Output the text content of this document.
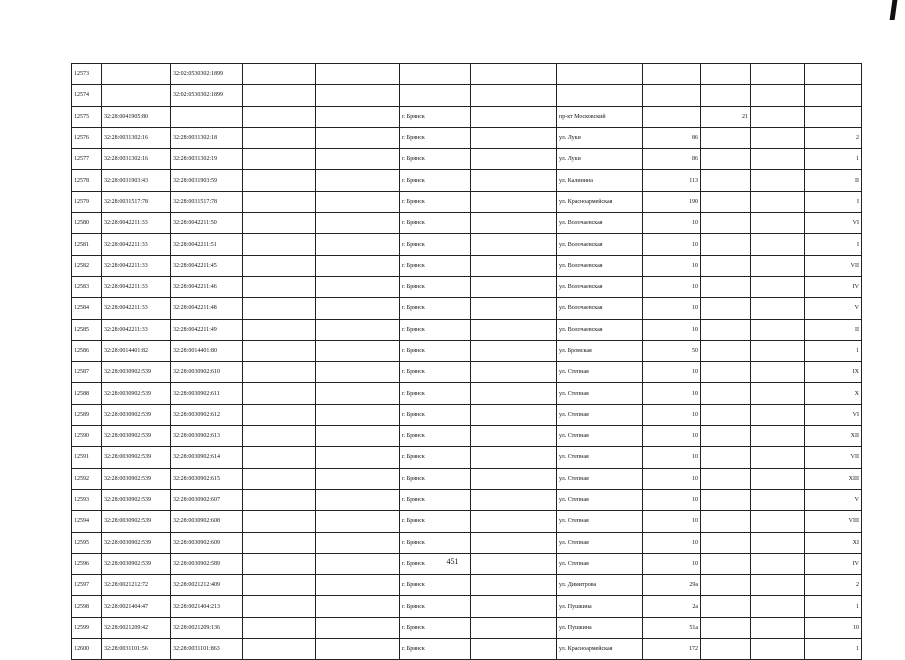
12573		32:02:0530302:1899									
12574		32:02:0530302:1899									
12575	32:28:0041905:80				г. Брянск		пр-кт Московский		21		
12576	32:28:0031302:16	32:28:0031302:18			г. Брянск		ул. Луки	86			2
12577	32:28:0031302:16	32:28:0031302:19			г. Брянск		ул. Луки	86			1
12578	32:28:0031903:43	32:28:0031903:59			г. Брянск		ул. Калинина	113			II
12579	32:28:0031517:78	32:28:0031517:78			г. Брянск		ул. Красноармейская	190			I
12580	32:28:0042211:33	32:28:0042211:50			г. Брянск		ул. Волочаевская	10			VI
12581	32:28:0042211:33	32:28:0042211:51			г. Брянск		ул. Волочаевская	10			I
12582	32:28:0042211:33	32:28:0042211:45			г. Брянск		ул. Волочаевская	10			VII
12583	32:28:0042211:33	32:28:0042211:46			г. Брянск		ул. Волочаевская	10			IV
12584	32:28:0042211:33	32:28:0042211:48			г. Брянск		ул. Волочаевская	10			V
12585	32:28:0042211:33	32:28:0042211:49			г. Брянск		ул. Волочаевская	10			II
12586	32:28:0014401:82	32:28:0014401:80			г. Брянск		ул. Бромская	50			1
12587	32:28:0030902:539	32:28:0030902:610			г. Брянск		ул. Степная	10			IX
12588	32:28:0030902:539	32:28:0030902:611			г. Брянск		ул. Степная	10			X
12589	32:28:0030902:539	32:28:0030902:612			г. Брянск		ул. Степная	10			VI
12590	32:28:0030902:539	32:28:0030902:613			г. Брянск		ул. Степная	10			XII
12591	32:28:0030902:539	32:28:0030902:614			г. Брянск		ул. Степная	10			VII
12592	32:28:0030902:539	32:28:0030902:615			г. Брянск		ул. Степная	10			XIII
12593	32:28:0030902:539	32:28:0030902:607			г. Брянск		ул. Степная	10			V
12594	32:28:0030902:539	32:28:0030902:608			г. Брянск		ул. Степная	10			VIII
12595	32:28:0030902:539	32:28:0030902:609			г. Брянск		ул. Степная	10			XI
12596	32:28:0030902:539	32:28:0030902:589			г. Брянск		ул. Степная	10			IV
12597	32:28:0021212:72	32:28:0021212:409			г. Брянск		ул. Димитрова	29а			2
12598	32:28:0021404:47	32:28:0021404:213			г. Брянск		ул. Пушкина	2а			1
12599	32:28:0021209:42	32:28:0021209:136			г. Брянск		ул. Пушкина	51а			10
12600	32:28:0031101:56	32:28:0031101:863			г. Брянск		ул. Красноармейская	172			1
451
